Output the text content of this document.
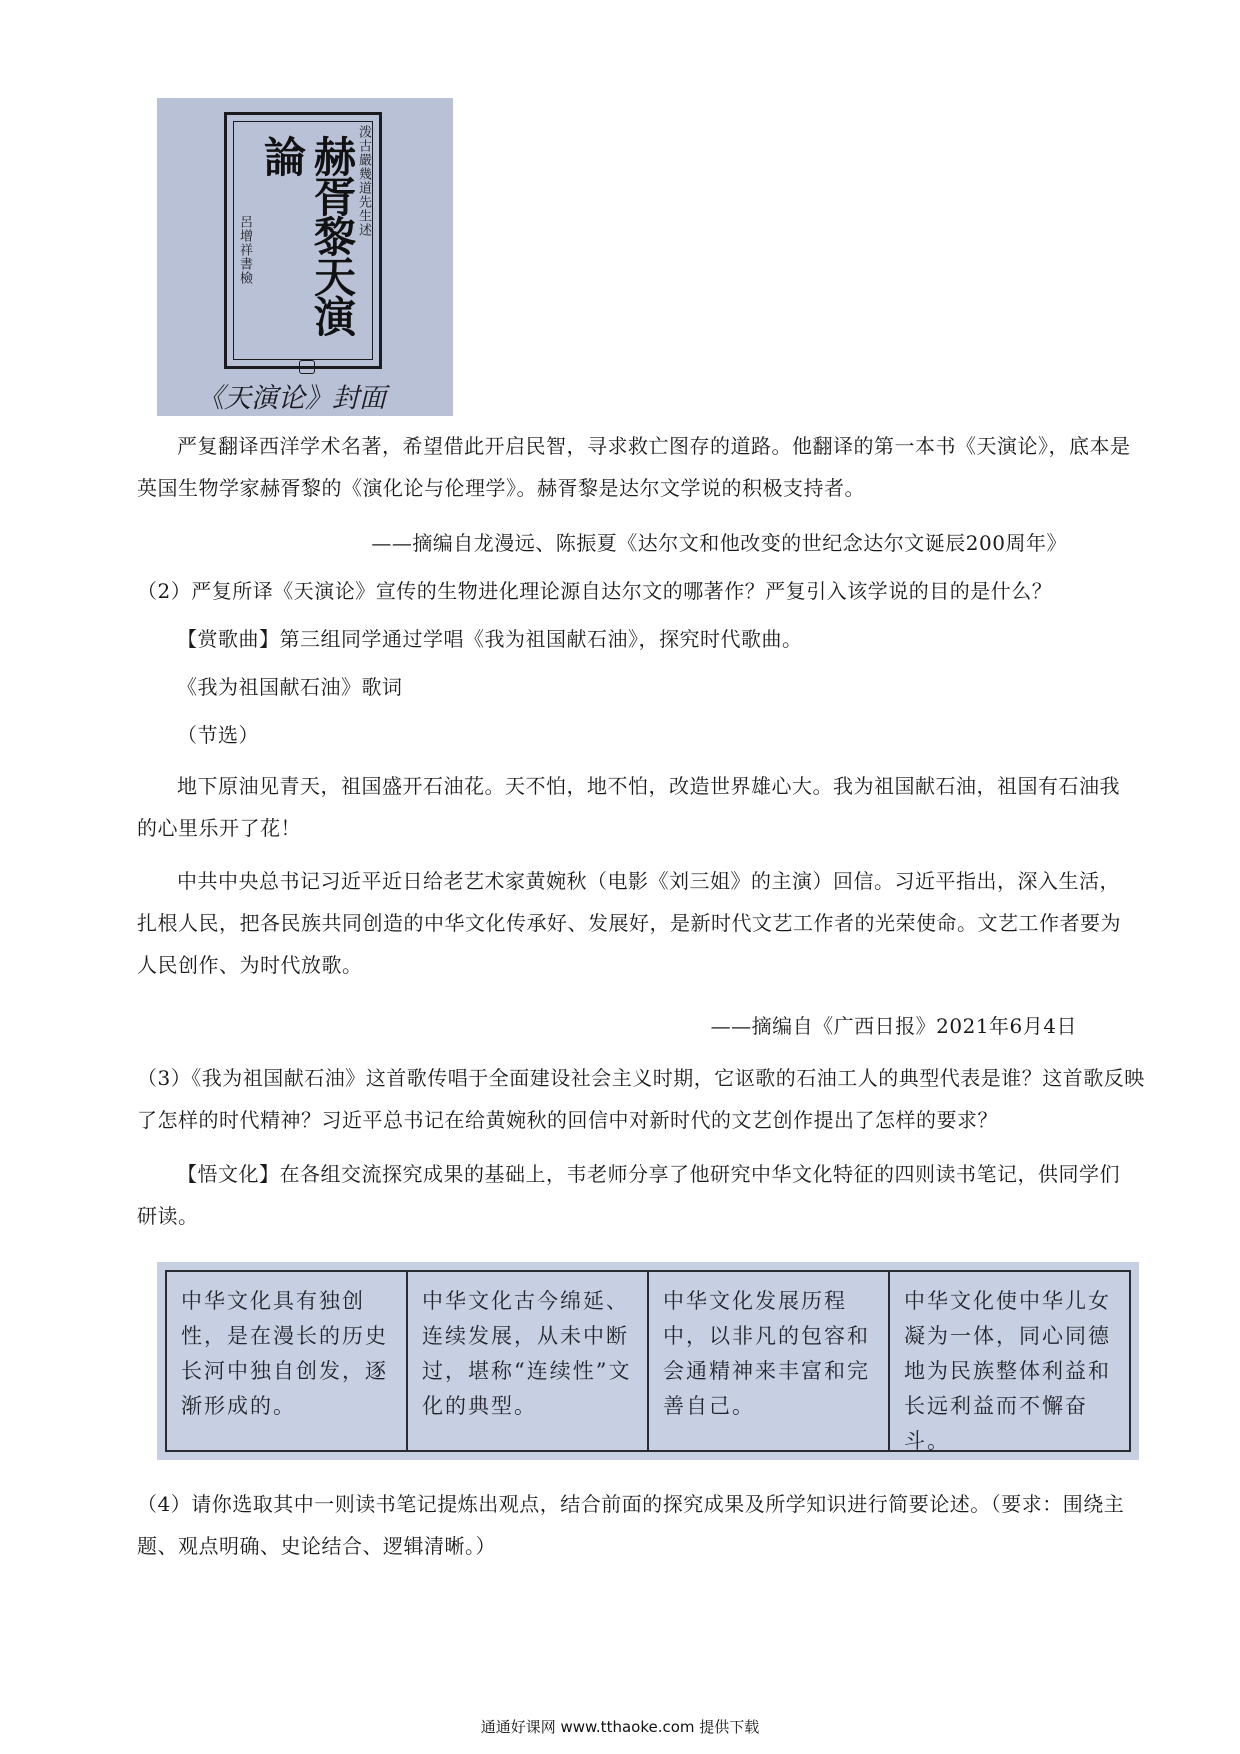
泼古嚴幾道先生述
赫胥黎天演論
呂增祥書檢
《天演论》封面
严复翻译西洋学术名著，希望借此开启民智，寻求救亡图存的道路。他翻译的第一本书《天演论》，底本是英国生物学家赫胥黎的《演化论与伦理学》。赫胥黎是达尔文学说的积极支持者。
——摘编自龙漫远、陈振夏《达尔文和他改变的世纪念达尔文诞辰200周年》
（2）严复所译《天演论》宣传的生物进化理论源自达尔文的哪著作？严复引入该学说的目的是什么？
【赏歌曲】第三组同学通过学唱《我为祖国献石油》，探究时代歌曲。
《我为祖国献石油》歌词
（节选）
地下原油见青天，祖国盛开石油花。天不怕，地不怕，改造世界雄心大。我为祖国献石油，祖国有石油我的心里乐开了花！
中共中央总书记习近平近日给老艺术家黄婉秋（电影《刘三姐》的主演）回信。习近平指出，深入生活，扎根人民，把各民族共同创造的中华文化传承好、发展好，是新时代文艺工作者的光荣使命。文艺工作者要为人民创作、为时代放歌。
——摘编自《广西日报》2021年6月4日
（3）《我为祖国献石油》这首歌传唱于全面建设社会主义时期，它讴歌的石油工人的典型代表是谁？这首歌反映了怎样的时代精神？习近平总书记在给黄婉秋的回信中对新时代的文艺创作提出了怎样的要求？
【悟文化】在各组交流探究成果的基础上，韦老师分享了他研究中华文化特征的四则读书笔记，供同学们研读。
中华文化具有独创性，是在漫长的历史长河中独自创发，逐渐形成的。
中华文化古今绵延、连续发展，从未中断过，堪称“连续性”文化的典型。
中华文化发展历程中，以非凡的包容和会通精神来丰富和完善自己。
中华文化使中华儿女凝为一体，同心同德地为民族整体利益和长远利益而不懈奋斗。
（4）请你选取其中一则读书笔记提炼出观点，结合前面的探究成果及所学知识进行简要论述。（要求：围绕主题、观点明确、史论结合、逻辑清晰。）
通通好课网 www.tthaoke.com 提供下载
